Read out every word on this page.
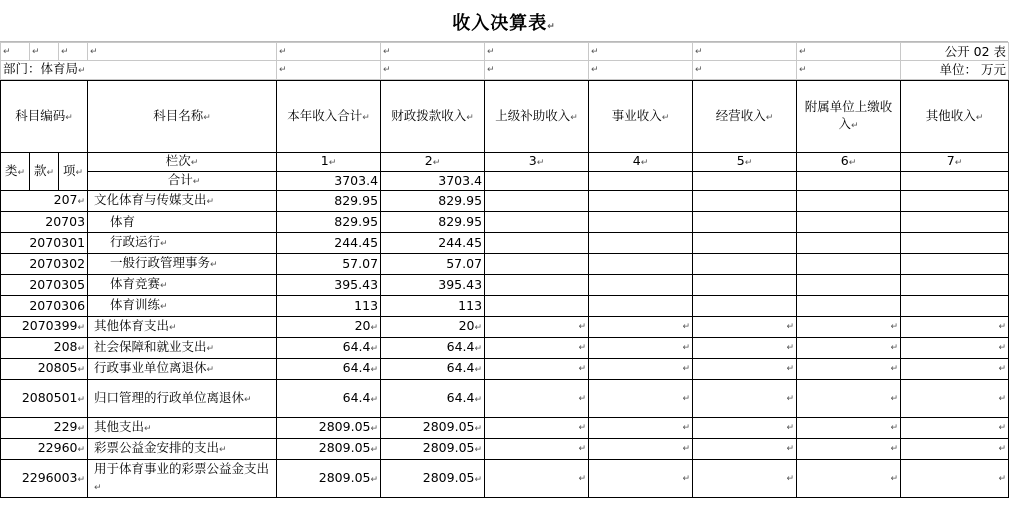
收入决算表↵
↵	↵	↵	↵	↵	↵	↵	↵	↵	↵	公开 02 表
部门：体育局↵				↵	↵	↵	↵	↵	↵	单位： 万元
科目编码↵			科目名称↵	本年收入合计↵	财政拨款收入↵	上级补助收入↵	事业收入↵	经营收入↵	附属单位上缴收入↵	其他收入↵
类↵	款↵	项↵	栏次↵	1↵	2↵	3↵	4↵	5↵	6↵	7↵
			合计↵	3703.4	3703.4					
207↵			文化体育与传媒支出↵	829.95	829.95					
20703			体育	829.95	829.95					
2070301			行政运行↵	244.45	244.45					
2070302			一般行政管理事务↵	57.07	57.07					
2070305			体育竞赛↵	395.43	395.43					
2070306			体育训练↵	113	113					
2070399↵			其他体育支出↵	20↵	20↵	↵	↵	↵	↵	↵
208↵			社会保障和就业支出↵	64.4↵	64.4↵	↵	↵	↵	↵	↵
20805↵			行政事业单位离退休↵	64.4↵	64.4↵	↵	↵	↵	↵	↵
2080501↵			归口管理的行政单位离退休↵	64.4↵	64.4↵	↵	↵	↵	↵	↵
229↵			其他支出↵	2809.05↵	2809.05↵	↵	↵	↵	↵	↵
22960↵			彩票公益金安排的支出↵	2809.05↵	2809.05↵	↵	↵	↵	↵	↵
2296003↵			用于体育事业的彩票公益金支出↵	2809.05↵	2809.05↵	↵	↵	↵	↵	↵
